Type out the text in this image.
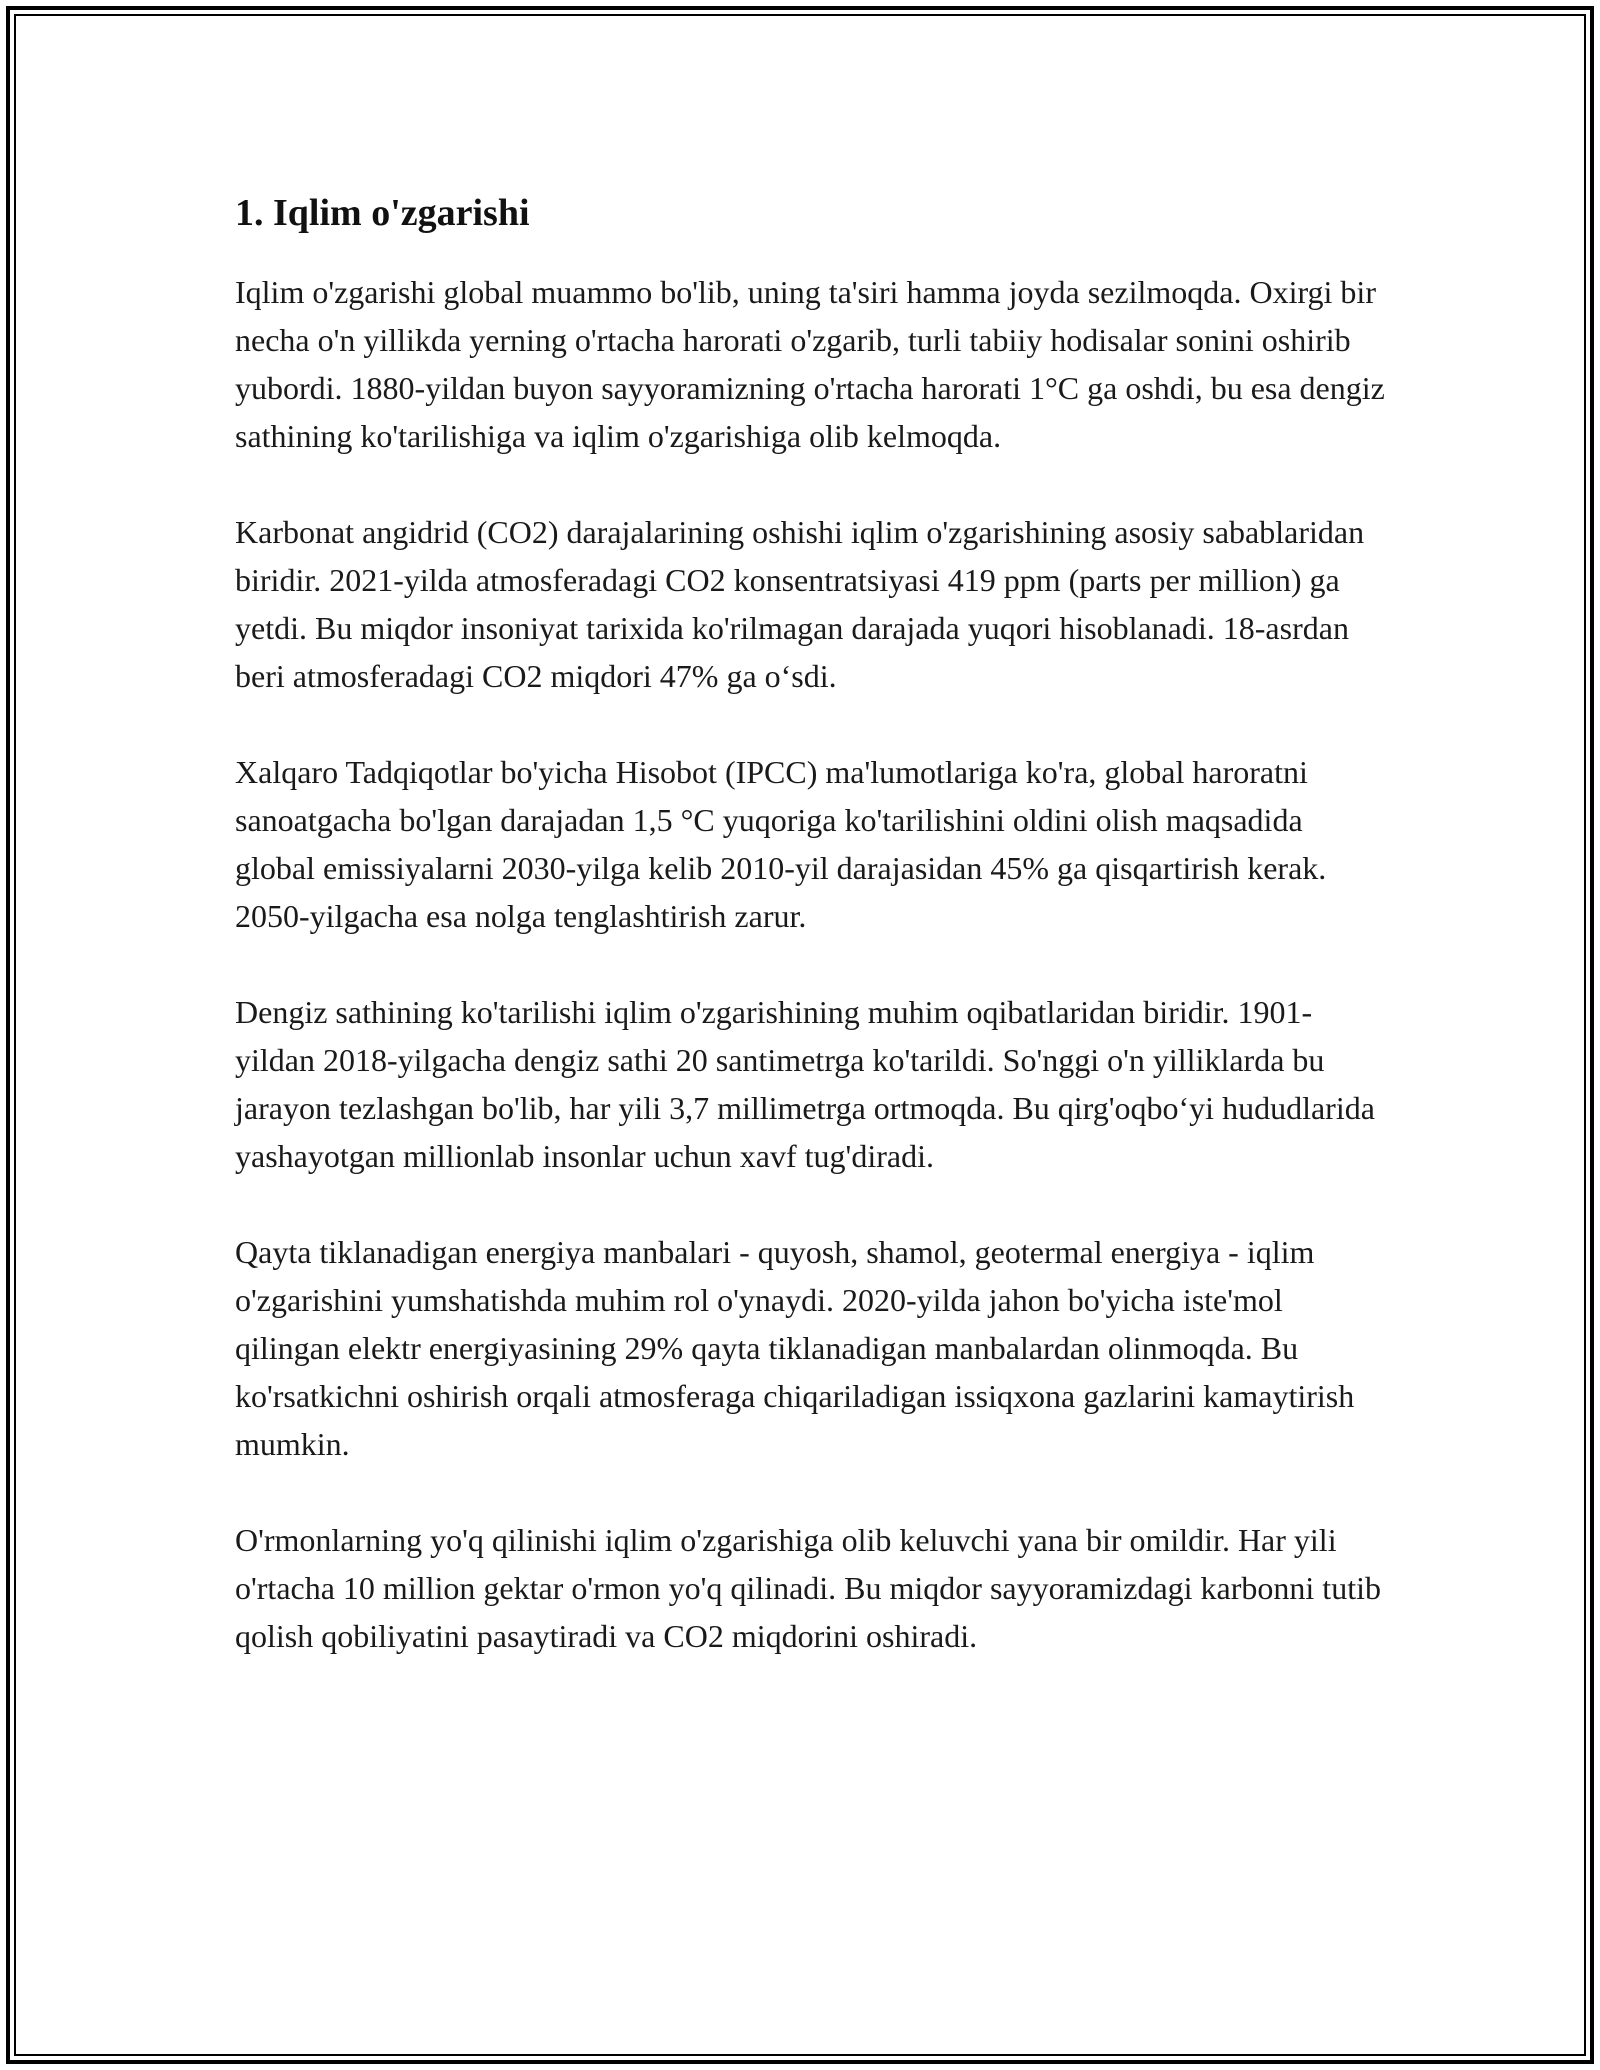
1. Iqlim o'zgarishi

Iqlim o'zgarishi global muammo bo'lib, uning ta'siri hamma joyda sezilmoqda. Oxirgi bir necha o'n yillikda yerning o'rtacha harorati o'zgarib, turli tabiiy hodisalar sonini oshirib yubordi. 1880-yildan buyon sayyoramizning o'rtacha harorati 1°C ga oshdi, bu esa dengiz sathining ko'tarilishiga va iqlim o'zgarishiga olib kelmoqda.

Karbonat angidrid (CO2) darajalarining oshishi iqlim o'zgarishining asosiy sabablaridan biridir. 2021-yilda atmosferadagi CO2 konsentratsiyasi 419 ppm (parts per million) ga yetdi. Bu miqdor insoniyat tarixida ko'rilmagan darajada yuqori hisoblanadi. 18-asrdan beri atmosferadagi CO2 miqdori 47% ga o‘sdi.

Xalqaro Tadqiqotlar bo'yicha Hisobot (IPCC) ma'lumotlariga ko'ra, global haroratni sanoatgacha bo'lgan darajadan 1,5 °C yuqoriga ko'tarilishini oldini olish maqsadida global emissiyalarni 2030-yilga kelib 2010-yil darajasidan 45% ga qisqartirish kerak. 2050-yilgacha esa nolga tenglashtirish zarur.

Dengiz sathining ko'tarilishi iqlim o'zgarishining muhim oqibatlaridan biridir. 1901-yildan 2018-yilgacha dengiz sathi 20 santimetrga ko'tarildi. So'nggi o'n yilliklarda bu jarayon tezlashgan bo'lib, har yili 3,7 millimetrga ortmoqda. Bu qirg'oqbo‘yi hududlarida yashayotgan millionlab insonlar uchun xavf tug'diradi.

Qayta tiklanadigan energiya manbalari - quyosh, shamol, geotermal energiya - iqlim o'zgarishini yumshatishda muhim rol o'ynaydi. 2020-yilda jahon bo'yicha iste'mol qilingan elektr energiyasining 29% qayta tiklanadigan manbalardan olinmoqda. Bu ko'rsatkichni oshirish orqali atmosferaga chiqariladigan issiqxona gazlarini kamaytirish mumkin.

O'rmonlarning yo'q qilinishi iqlim o'zgarishiga olib keluvchi yana bir omildir. Har yili o'rtacha 10 million gektar o'rmon yo'q qilinadi. Bu miqdor sayyoramizdagi karbonni tutib qolish qobiliyatini pasaytiradi va CO2 miqdorini oshiradi.
